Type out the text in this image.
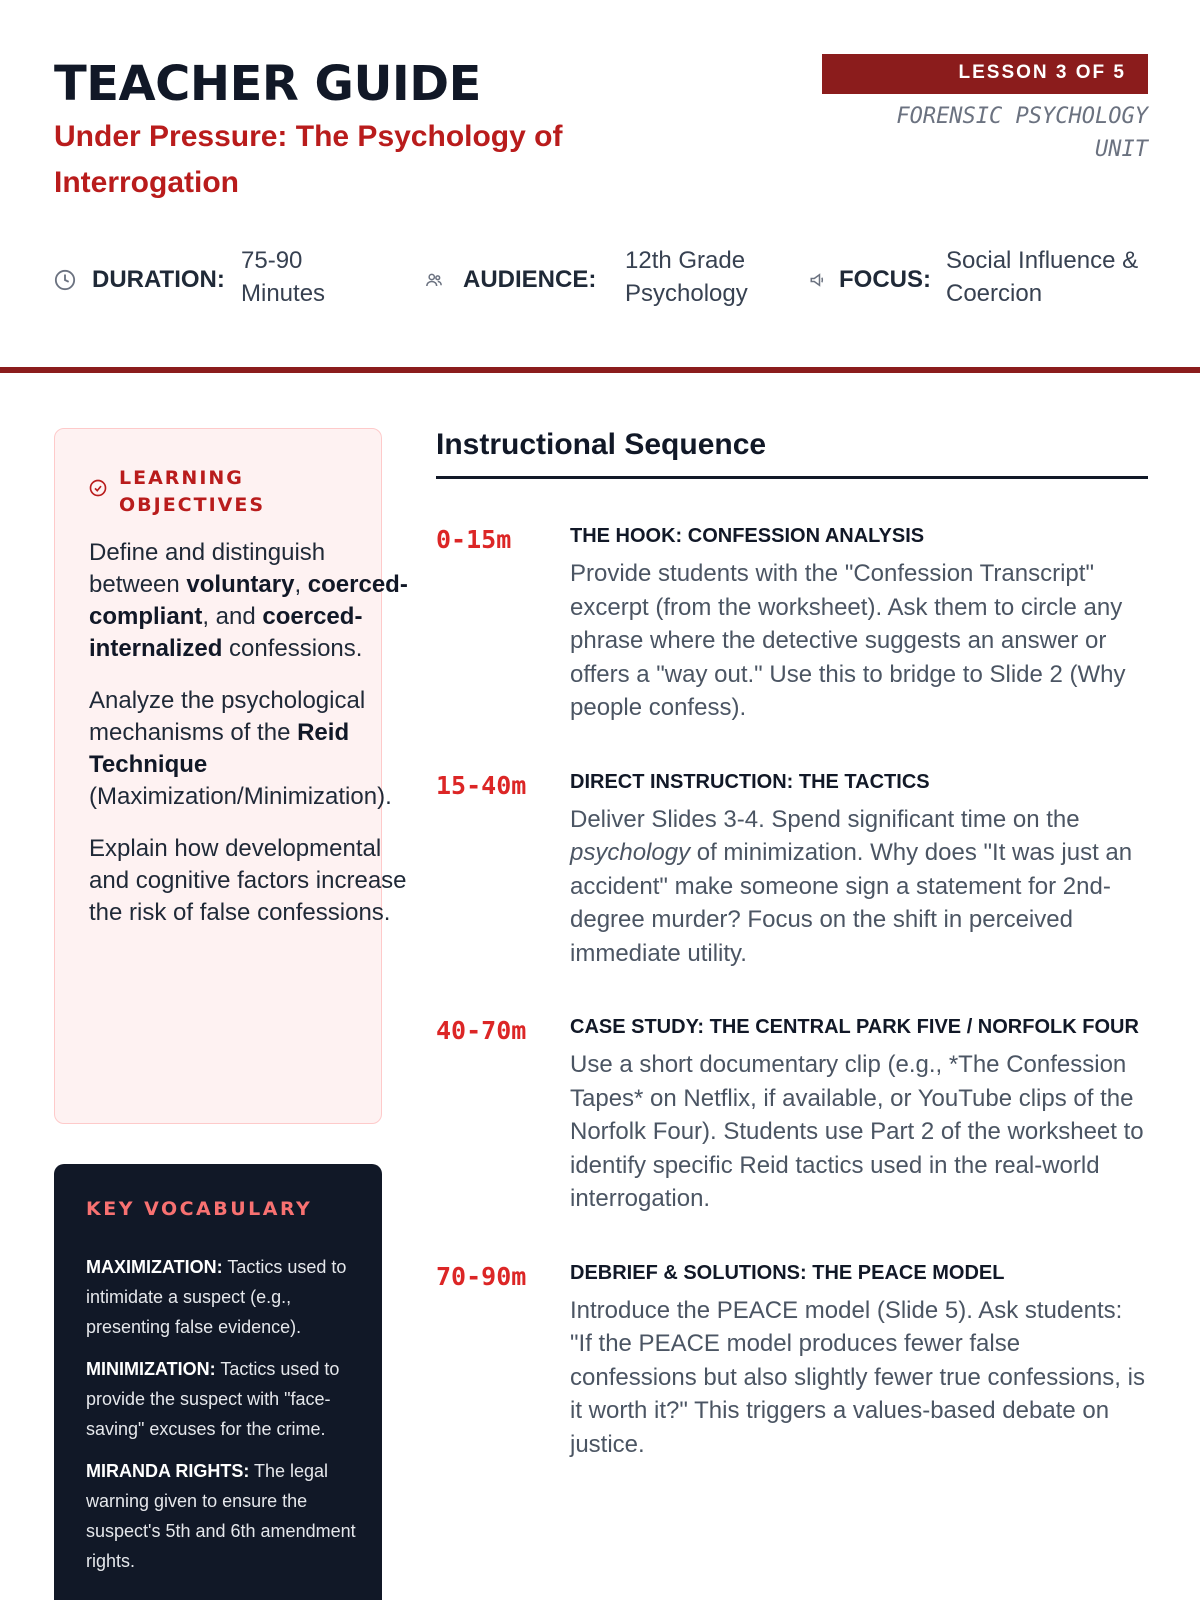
TEACHER GUIDE
Under Pressure: The Psychology of Interrogation
LESSON 3 OF 5
FORENSIC PSYCHOLOGY UNIT
DURATION:
75-90 Minutes
AUDIENCE:
12th Grade Psychology
FOCUS:
Social Influence & Coercion
LEARNING OBJECTIVES

Define and distinguish between voluntary, coerced-compliant, and coerced-internalized confessions.

Analyze the psychological mechanisms of the Reid Technique (Maximization/Minimization).

Explain how developmental and cognitive factors increase the risk of false confessions.

KEY VOCABULARY

MAXIMIZATION: Tactics used to intimidate a suspect (e.g., presenting false evidence).

MINIMIZATION: Tactics used to provide the suspect with "face-saving" excuses for the crime.

MIRANDA RIGHTS: The legal warning given to ensure the suspect's 5th and 6th amendment rights.

Instructional Sequence
0-15m	THE HOOK: CONFESSION ANALYSIS

Provide students with the "Confession Transcript" excerpt (from the worksheet). Ask them to circle any phrase where the detective suggests an answer or offers a "way out." Use this to bridge to Slide 2 (Why people confess).

15-40m DIRECT INSTRUCTION: THE TACTICS

Deliver Slides 3-4. Spend significant time on the psychology of minimization. Why does "It was just an accident" make someone sign a statement for 2nd-degree murder? Focus on the shift in perceived immediate utility.

40-70m CASE STUDY: THE CENTRAL PARK FIVE / NORFOLK FOUR

Use a short documentary clip (e.g., *The Confession Tapes* on Netflix, if available, or YouTube clips of the Norfolk Four). Students use Part 2 of the worksheet to identify specific Reid tactics used in the real-world interrogation.

70-90m DEBRIEF & SOLUTIONS: THE PEACE MODEL

Introduce the PEACE model (Slide 5). Ask students: "If the PEACE model produces fewer false confessions but also slightly fewer true confessions, is it worth it?" This triggers a values-based debate on justice.
